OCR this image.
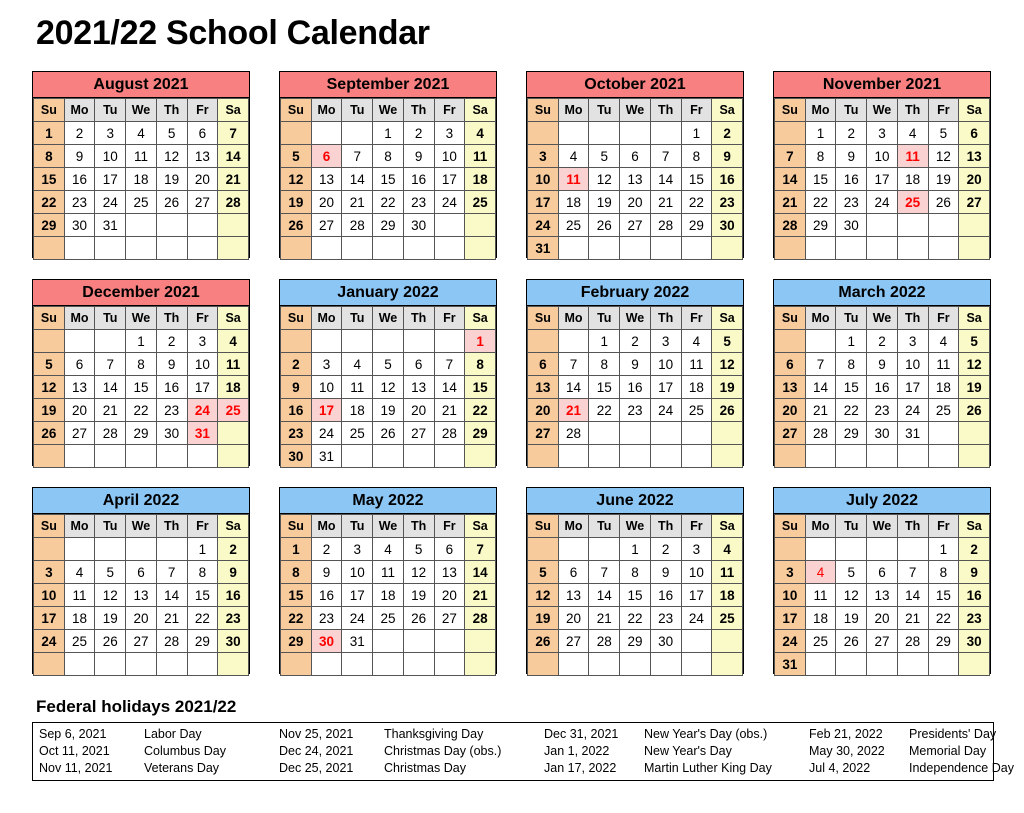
2021/22 School Calendar
August 2021
Su	Mo	Tu	We	Th	Fr	Sa
1	2	3	4	5	6	7
8	9	10	11	12	13	14
15	16	17	18	19	20	21
22	23	24	25	26	27	28
29	30	31				

September 2021
Su	Mo	Tu	We	Th	Fr	Sa
			1	2	3	4
5	6	7	8	9	10	11
12	13	14	15	16	17	18
19	20	21	22	23	24	25
26	27	28	29	30		

October 2021
Su	Mo	Tu	We	Th	Fr	Sa
					1	2
3	4	5	6	7	8	9
10	11	12	13	14	15	16
17	18	19	20	21	22	23
24	25	26	27	28	29	30
31						
November 2021
Su	Mo	Tu	We	Th	Fr	Sa
	1	2	3	4	5	6
7	8	9	10	11	12	13
14	15	16	17	18	19	20
21	22	23	24	25	26	27
28	29	30				

December 2021
Su	Mo	Tu	We	Th	Fr	Sa
			1	2	3	4
5	6	7	8	9	10	11
12	13	14	15	16	17	18
19	20	21	22	23	24	25
26	27	28	29	30	31	

January 2022
Su	Mo	Tu	We	Th	Fr	Sa
						1
2	3	4	5	6	7	8
9	10	11	12	13	14	15
16	17	18	19	20	21	22
23	24	25	26	27	28	29
30	31					
February 2022
Su	Mo	Tu	We	Th	Fr	Sa
		1	2	3	4	5
6	7	8	9	10	11	12
13	14	15	16	17	18	19
20	21	22	23	24	25	26
27	28					

March 2022
Su	Mo	Tu	We	Th	Fr	Sa
		1	2	3	4	5
6	7	8	9	10	11	12
13	14	15	16	17	18	19
20	21	22	23	24	25	26
27	28	29	30	31		

April 2022
Su	Mo	Tu	We	Th	Fr	Sa
					1	2
3	4	5	6	7	8	9
10	11	12	13	14	15	16
17	18	19	20	21	22	23
24	25	26	27	28	29	30

May 2022
Su	Mo	Tu	We	Th	Fr	Sa
1	2	3	4	5	6	7
8	9	10	11	12	13	14
15	16	17	18	19	20	21
22	23	24	25	26	27	28
29	30	31				

June 2022
Su	Mo	Tu	We	Th	Fr	Sa
			1	2	3	4
5	6	7	8	9	10	11
12	13	14	15	16	17	18
19	20	21	22	23	24	25
26	27	28	29	30		

July 2022
Su	Mo	Tu	We	Th	Fr	Sa
					1	2
3	4	5	6	7	8	9
10	11	12	13	14	15	16
17	18	19	20	21	22	23
24	25	26	27	28	29	30
31						
Federal holidays 2021/22
Sep 6, 2021	Labor Day	Nov 25, 2021	Thanksgiving Day	Dec 31, 2021	New Year's Day (obs.)	Feb 21, 2022	Presidents' Day
Oct 11, 2021	Columbus Day	Dec 24, 2021	Christmas Day (obs.)	Jan 1, 2022	New Year's Day	May 30, 2022	Memorial Day
Nov 11, 2021	Veterans Day	Dec 25, 2021	Christmas Day	Jan 17, 2022	Martin Luther King Day	Jul 4, 2022	Independence Day
